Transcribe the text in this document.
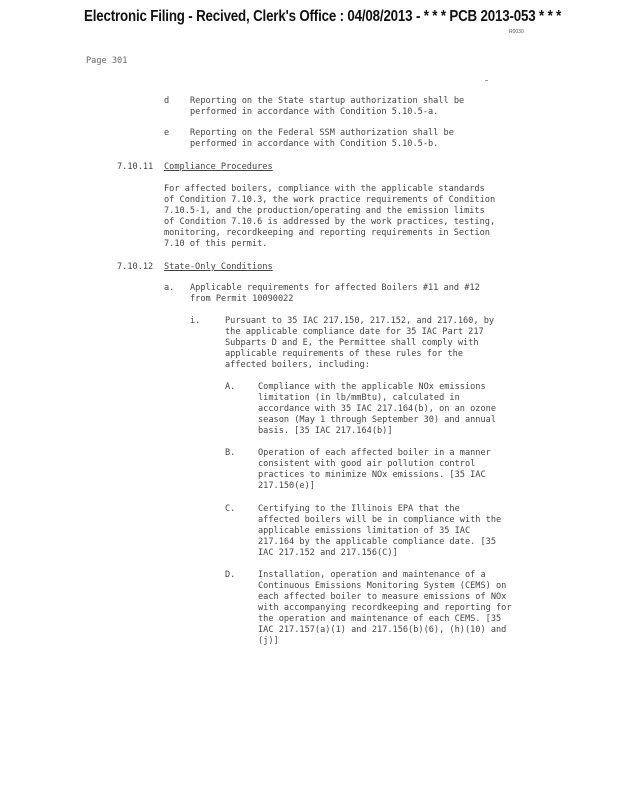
Electronic Filing - Recived, Clerk's Office : 04/08/2013 - * * * PCB 2013-053 * * *
R0030
Page 301
d Reporting on the State startup authorization shall be
performed in accordance with Condition 5.10.5-a.
e Reporting on the Federal SSM authorization shall be
performed in accordance with Condition 5.10.5-b.
7.10.11 Compliance Procedures
For affected boilers, compliance with the applicable standards
of Condition 7.10.3, the work practice requirements of Condition
7.10.5-1, and the production/operating and the emission limits
of Condition 7.10.6 is addressed by the work practices, testing,
monitoring, recordkeeping and reporting requirements in Section
7.10 of this permit.
7.10.12 State-Only Conditions
a. Applicable requirements for affected Boilers #11 and #12
from Permit 10090022
i.	Pursuant to 35 IAC 217.150, 217.152, and 217.160, by
the applicable compliance date for 35 IAC Part 217
Subparts D and E, the Permittee shall comply with
applicable requirements of these rules for the
affected boilers, including:
A.	Compliance with the applicable NOx emissions
limitation (in lb/mmBtu), calculated in
accordance with 35 IAC 217.164(b), on an ozone
season (May 1 through September 30) and annual
basis. [35 IAC 217.164(b)]
B.	Operation of each affected boiler in a manner
consistent with good air pollution control
practices to minimize NOx emissions. [35 IAC
217.150(e)]
C.	Certifying to the Illinois EPA that the
affected boilers will be in compliance with the
applicable emissions limitation of 35 IAC
217.164 by the applicable compliance date. [35
IAC 217.152 and 217.156(C)]
D.	Installation, operation and maintenance of a
Continuous Emissions Monitoring System (CEMS) on
each affected boiler to measure emissions of NOx
with accompanying recordkeeping and reporting for
the operation and maintenance of each CEMS. [35
IAC 217.157(a)(1) and 217.156(b)(6), (h)(10) and
(j)]
